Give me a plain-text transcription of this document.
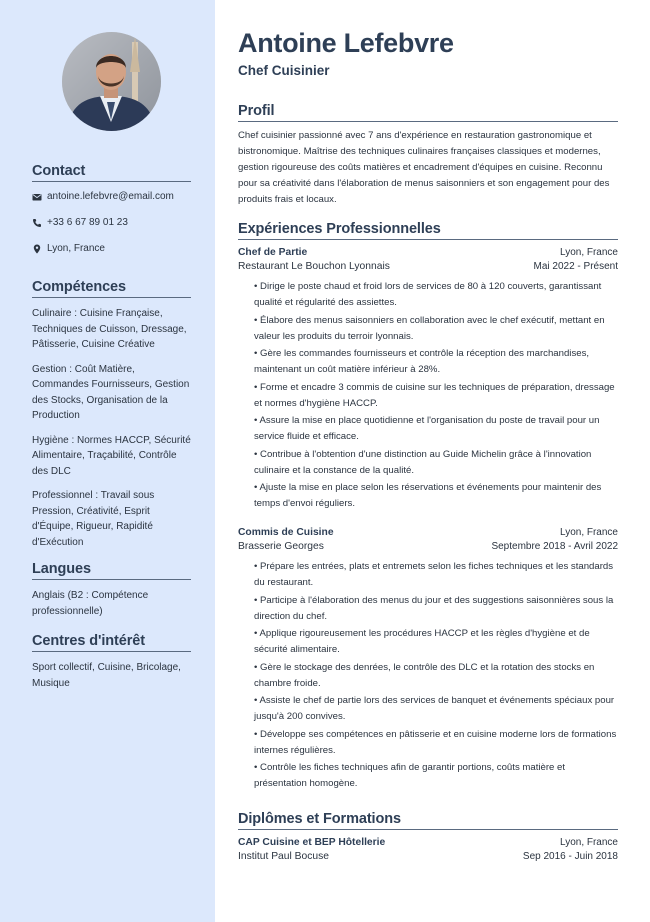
Contact
antoine.lefebvre@email.com
+33 6 67 89 01 23
Lyon, France
Compétences
Culinaire : Cuisine Française, Techniques de Cuisson, Dressage, Pâtisserie, Cuisine Créative
Gestion : Coût Matière, Commandes Fournisseurs, Gestion des Stocks, Organisation de la Production
Hygiène : Normes HACCP, Sécurité Alimentaire, Traçabilité, Contrôle des DLC
Professionnel : Travail sous Pression, Créativité, Esprit d'Équipe, Rigueur, Rapidité d'Exécution
Langues
Anglais (B2 : Compétence professionnelle)
Centres d'intérêt
Sport collectif, Cuisine, Bricolage, Musique
Antoine Lefebvre
Chef Cuisinier
Profil
Chef cuisinier passionné avec 7 ans d'expérience en restauration gastronomique et bistronomique. Maîtrise des techniques culinaires françaises classiques et modernes, gestion rigoureuse des coûts matières et encadrement d'équipes en cuisine. Reconnu pour sa créativité dans l'élaboration de menus saisonniers et son engagement pour des produits frais et locaux.
Expériences Professionnelles
Chef de Partie	Lyon, France
Restaurant Le Bouchon Lyonnais	Mai 2022 - Présent
• Dirige le poste chaud et froid lors de services de 80 à 120 couverts, garantissant qualité et régularité des assiettes.
• Élabore des menus saisonniers en collaboration avec le chef exécutif, mettant en valeur les produits du terroir lyonnais.
• Gère les commandes fournisseurs et contrôle la réception des marchandises, maintenant un coût matière inférieur à 28%.
• Forme et encadre 3 commis de cuisine sur les techniques de préparation, dressage et normes d'hygiène HACCP.
• Assure la mise en place quotidienne et l'organisation du poste de travail pour un service fluide et efficace.
• Contribue à l'obtention d'une distinction au Guide Michelin grâce à l'innovation culinaire et la constance de la qualité.
• Ajuste la mise en place selon les réservations et événements pour maintenir des temps d'envoi réguliers.
Commis de Cuisine	Lyon, France
Brasserie Georges	Septembre 2018 - Avril 2022
• Prépare les entrées, plats et entremets selon les fiches techniques et les standards du restaurant.
• Participe à l'élaboration des menus du jour et des suggestions saisonnières sous la direction du chef.
• Applique rigoureusement les procédures HACCP et les règles d'hygiène et de sécurité alimentaire.
• Gère le stockage des denrées, le contrôle des DLC et la rotation des stocks en chambre froide.
• Assiste le chef de partie lors des services de banquet et événements spéciaux pour jusqu'à 200 convives.
• Développe ses compétences en pâtisserie et en cuisine moderne lors de formations internes régulières.
• Contrôle les fiches techniques afin de garantir portions, coûts matière et présentation homogène.
Diplômes et Formations
CAP Cuisine et BEP Hôtellerie	Lyon, France
Institut Paul Bocuse	Sep 2016 - Juin 2018
